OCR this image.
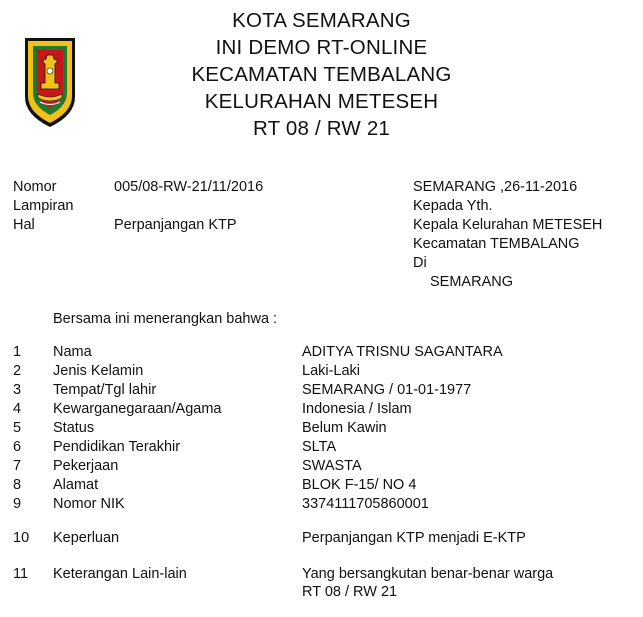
KOTA SEMARANG
INI DEMO RT-ONLINE
KECAMATAN TEMBALANG
KELURAHAN METESEH
RT 08 / RW 21
Nomor	005/08-RW-21/11/2016
Lampiran
Hal	Perpanjangan KTP
SEMARANG ,26-11-2016
Kepada Yth.
Kepala Kelurahan METESEH
Kecamatan TEMBALANG
Di
SEMARANG
Bersama ini menerangkan bahwa :
1 Nama	ADITYA TRISNU SAGANTARA
2 Jenis Kelamin	Laki-Laki
3 Tempat/Tgl lahir	SEMARANG / 01-01-1977
4 Kewarganegaraan/Agama	Indonesia / Islam
5 Status	Belum Kawin
6 Pendidikan Terakhir	SLTA
7 Pekerjaan	SWASTA
8 Alamat	BLOK F-15/ NO 4
9 Nomor NIK	3374111705860001
10 Keperluan	Perpanjangan KTP menjadi E-KTP
11 Keterangan Lain-lain	Yang bersangkutan benar-benar warga
RT 08 / RW 21
